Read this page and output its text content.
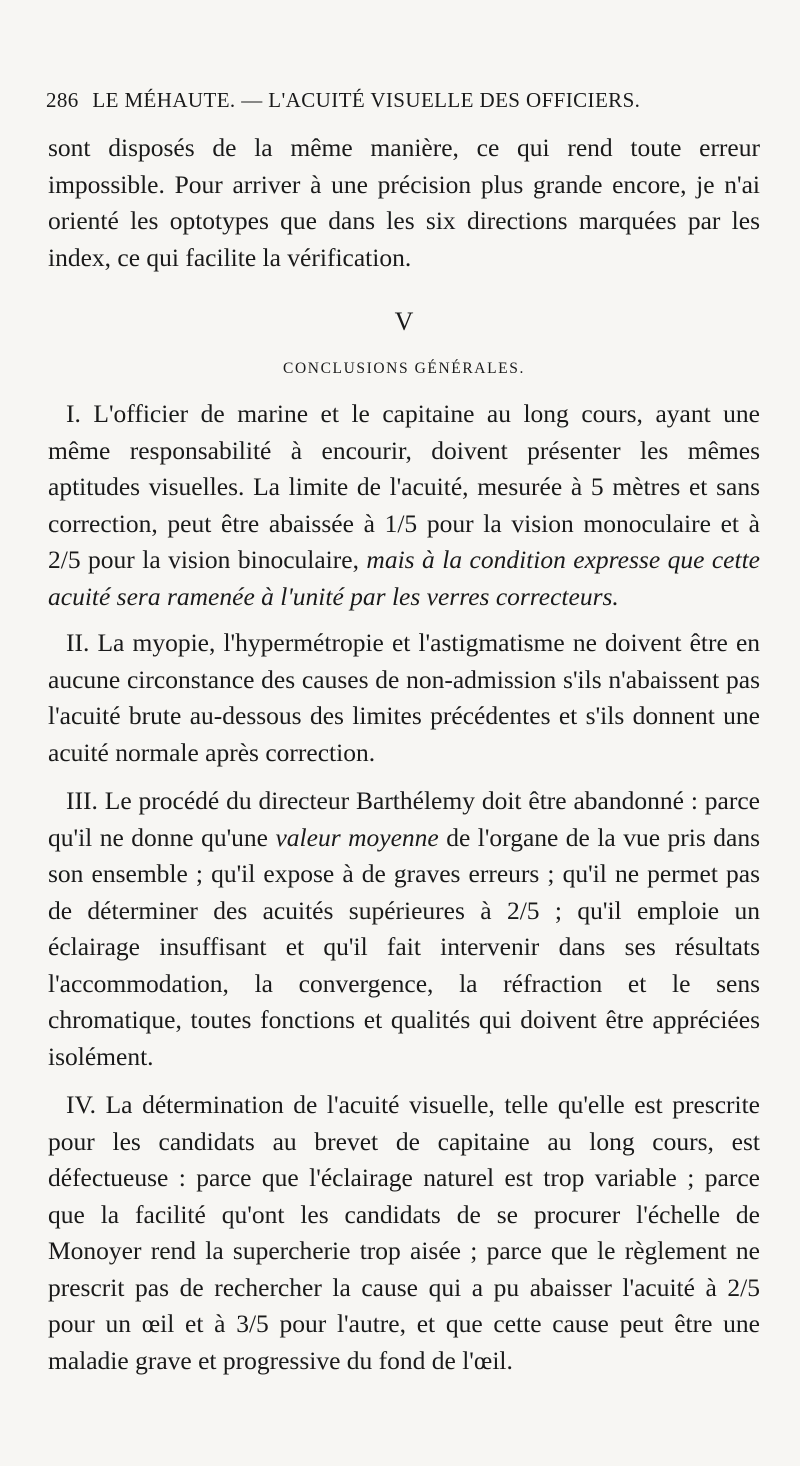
286 LE MÉHAUTE. — L'ACUITÉ VISUELLE DES OFFICIERS.

sont disposés de la même manière, ce qui rend toute erreur impossible. Pour arriver à une précision plus grande encore, je n'ai orienté les optotypes que dans les six directions marquées par les index, ce qui facilite la vérification.

V
CONCLUSIONS GÉNÉRALES.

I. L'officier de marine et le capitaine au long cours, ayant une même responsabilité à encourir, doivent présenter les mêmes aptitudes visuelles. La limite de l'acuité, mesurée à 5 mètres et sans correction, peut être abaissée à 1/5 pour la vision monoculaire et à 2/5 pour la vision binoculaire, mais à la condition expresse que cette acuité sera ramenée à l'unité par les verres correcteurs.

II. La myopie, l'hypermétropie et l'astigmatisme ne doivent être en aucune circonstance des causes de non-admission s'ils n'abaissent pas l'acuité brute au-dessous des limites précédentes et s'ils donnent une acuité normale après correction.

III. Le procédé du directeur Barthélemy doit être abandonné : parce qu'il ne donne qu'une valeur moyenne de l'organe de la vue pris dans son ensemble ; qu'il expose à de graves erreurs ; qu'il ne permet pas de déterminer des acuités supérieures à 2/5 ; qu'il emploie un éclairage insuffisant et qu'il fait intervenir dans ses résultats l'accommodation, la convergence, la réfraction et le sens chromatique, toutes fonctions et qualités qui doivent être appréciées isolément.

IV. La détermination de l'acuité visuelle, telle qu'elle est prescrite pour les candidats au brevet de capitaine au long cours, est défectueuse : parce que l'éclairage naturel est trop variable ; parce que la facilité qu'ont les candidats de se procurer l'échelle de Monoyer rend la supercherie trop aisée ; parce que le règlement ne prescrit pas de rechercher la cause qui a pu abaisser l'acuité à 2/5 pour un œil et à 3/5 pour l'autre, et que cette cause peut être une maladie grave et progressive du fond de l'œil.
